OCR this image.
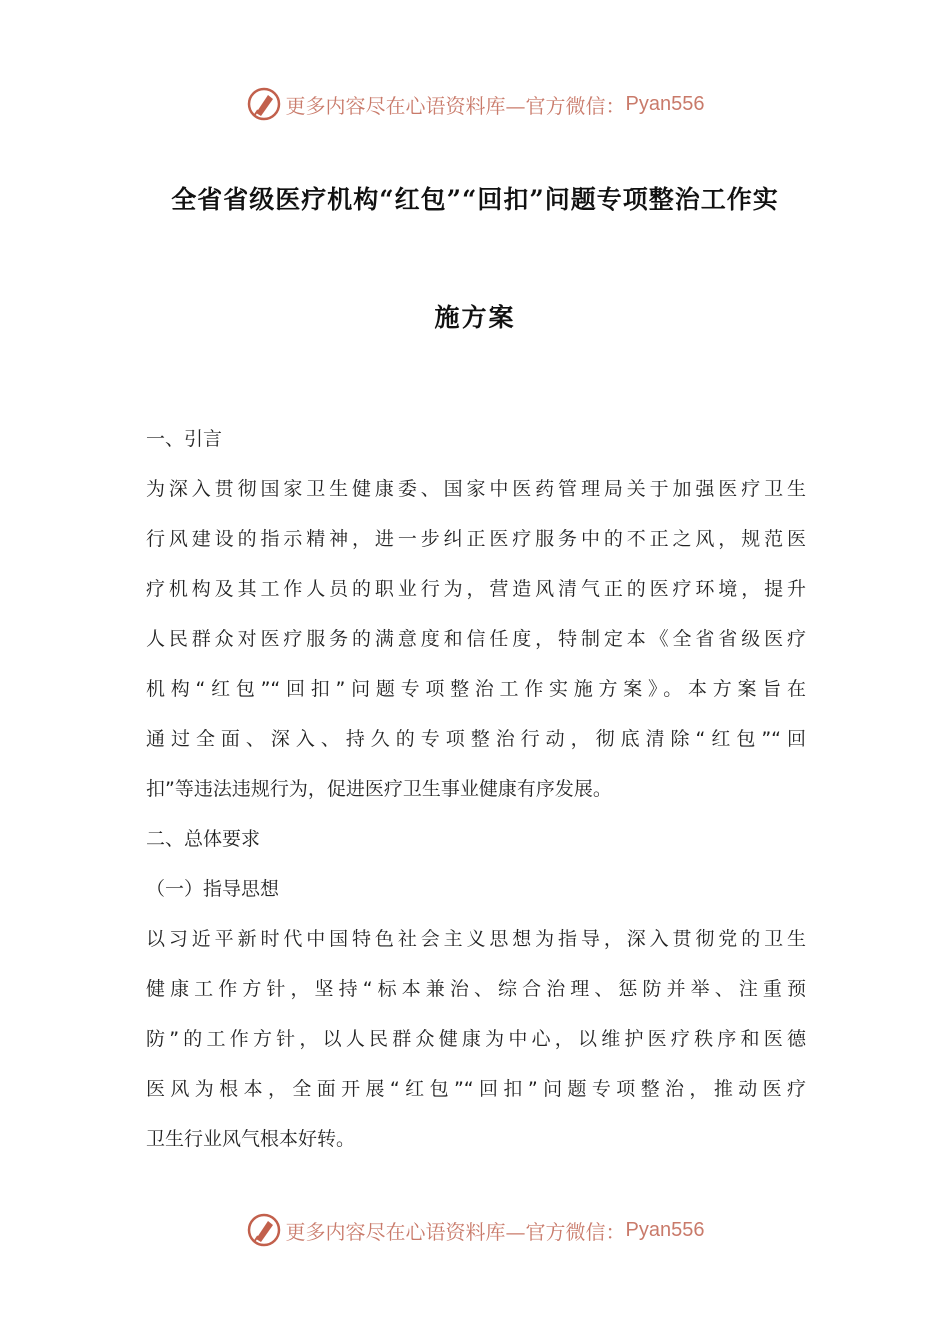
更多内容尽在心语资料库—官方微信： Pyan556
全省省级医疗机构“红包”“回扣”问题专项整治工作实
施方案
一、引言
为深入贯彻国家卫生健康委、国家中医药管理局关于加强医疗卫生
行风建设的指示精神，进一步纠正医疗服务中的不正之风，规范医
疗机构及其工作人员的职业行为，营造风清气正的医疗环境，提升
人民群众对医疗服务的满意度和信任度，特制定本《全省省级医疗
机构“红包”“回扣”问题专项整治工作实施方案》。本方案旨在
通过全面、深入、持久的专项整治行动，彻底清除“红包”“回
扣”等违法违规行为，促进医疗卫生事业健康有序发展。
二、总体要求
（一）指导思想
以习近平新时代中国特色社会主义思想为指导，深入贯彻党的卫生
健康工作方针，坚持“标本兼治、综合治理、惩防并举、注重预
防”的工作方针，以人民群众健康为中心，以维护医疗秩序和医德
医风为根本，全面开展“红包”“回扣”问题专项整治，推动医疗
卫生行业风气根本好转。
更多内容尽在心语资料库—官方微信： Pyan556
